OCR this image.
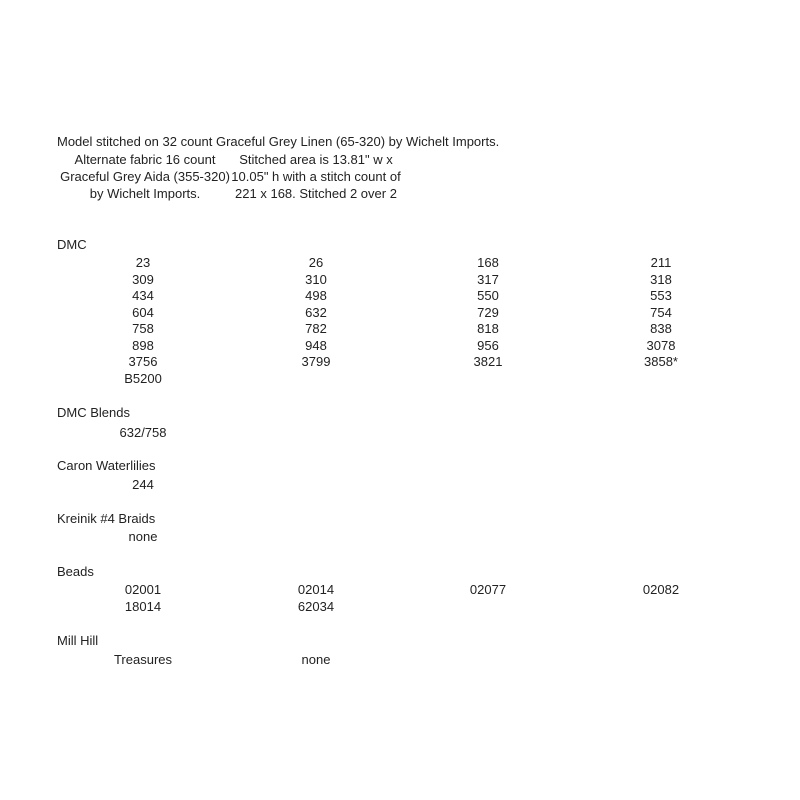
Model stitched on 32 count Graceful Grey Linen (65-320) by Wichelt Imports.
Alternate fabric 16 count Graceful Grey Aida (355-320) by Wichelt Imports.
Stitched area is 13.81" w x 10.05" h with a stitch count of 221 x 168. Stitched 2 over 2
DMC
23	26	168	211
309	310	317	318
434	498	550	553
604	632	729	754
758	782	818	838
898	948	956	3078
3756	3799	3821	3858*
B5200
DMC Blends
632/758
Caron Waterlilies
244
Kreinik #4 Braids
none
Beads
02001	02014	02077	02082
18014	62034
Mill Hill
Treasures	none
